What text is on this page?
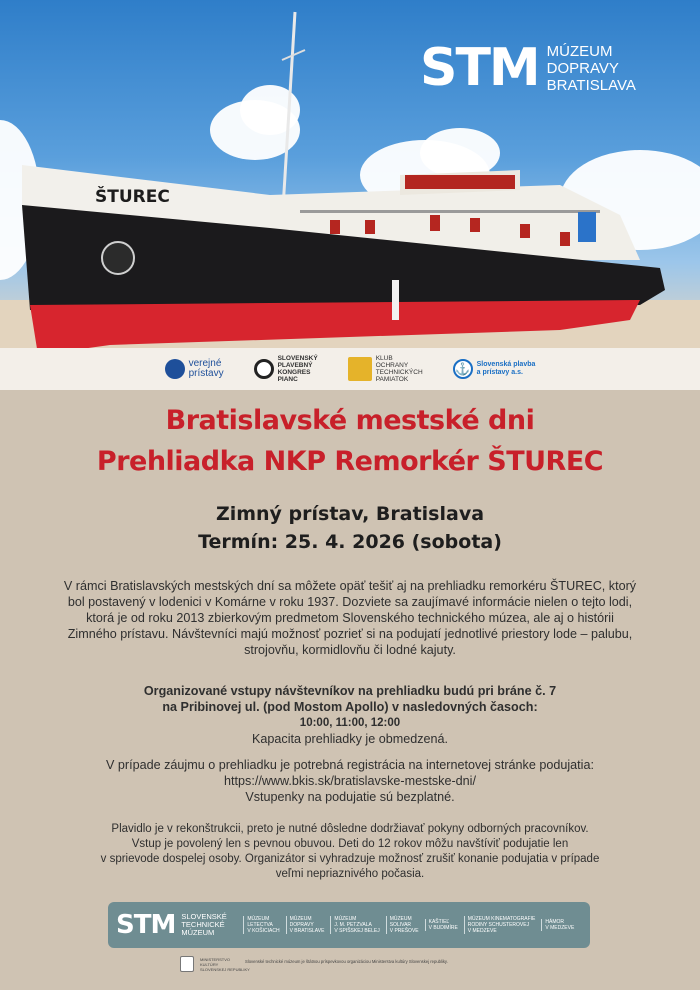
STM MÚZEUM
DOPRAVY
BRATISLAVA
ŠTUREC
verejné
prístavy
SLOVENSKÝ
PLAVEBNÝ
KONGRES
PIANC
KLUB
OCHRANY
TECHNICKÝCH
PAMIATOK
⚓ Slovenská plavba
a prístavy a.s.
Bratislavské mestské dni
Prehliadka NKP Remorkér ŠTUREC
Zimný prístav, Bratislava
Termín: 25. 4. 2026 (sobota)
V rámci Bratislavských mestských dní sa môžete opäť tešiť aj na prehliadku remorkéru ŠTUREC, ktorý bol postavený v lodenici v Komárne v roku 1937. Dozviete sa zaujímavé informácie nielen o tejto lodi, ktorá je od roku 2013 zbierkovým predmetom Slovenského technického múzea, ale aj o histórii Zimného prístavu. Návštevníci majú možnosť pozrieť si na podujatí jednotlivé priestory lode – palubu, strojovňu, kormidlovňu či lodné kajuty.
Organizované vstupy návštevníkov na prehliadku budú pri bráne č. 7
na Pribinovej ul. (pod Mostom Apollo) v nasledovných časoch:
10:00, 11:00, 12:00
Kapacita prehliadky je obmedzená.
V prípade záujmu o prehliadku je potrebná registrácia na internetovej stránke podujatia:
https://www.bkis.sk/bratislavske-mestske-dni/
Vstupenky na podujatie sú bezplatné.
Plavidlo je v rekonštrukcii, preto je nutné dôsledne dodržiavať pokyny odborných pracovníkov.
Vstup je povolený len s pevnou obuvou. Deti do 12 rokov môžu navštíviť podujatie len
v sprievode dospelej osoby. Organizátor si vyhradzuje možnosť zrušiť konanie podujatia v prípade
veľmi nepriaznivého počasia.
STM SLOVENSKÉ
TECHNICKÉ
MÚZEUM
MÚZEUM
LETECTVA
V KOŠICIACH
MÚZEUM
DOPRAVY
V BRATISLAVE
MÚZEUM
J. M. PETZVALA
V SPIŠSKEJ BELEJ
MÚZEUM
SOLIVAR
V PREŠOVE
KAŠTIEĽ
V BUDIMÍRE
MÚZEUM KINEMATOGRAFIE
RODINY SCHUSTEROVEJ
V MEDZEVE
HÁMOR
V MEDZEVE
MINISTERSTVO
KULTÚRY
SLOVENSKEJ REPUBLIKY
Slovenské technické múzeum je štátnou príspevkovou organizáciou Ministerstva kultúry Slovenskej republiky.
